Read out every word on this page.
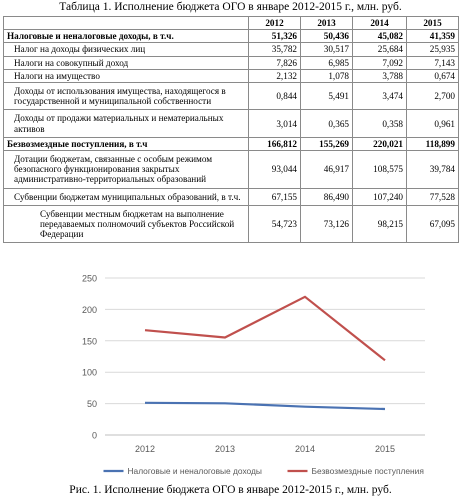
Таблица 1. Исполнение бюджета ОГО в январе 2012-2015 г., млн. руб.
	2012	2013	2014	2015
Налоговые и неналоговые доходы, в т.ч.	51,326	50,436	45,082	41,359
Налог на доходы физических лиц	35,782	30,517	25,684	25,935
Налоги на совокупный доход	7,826	6,985	7,092	7,143
Налоги на имущество	2,132	1,078	3,788	0,674
Доходы от использования имущества, находящегося в государственной и муниципальной собственности	0,844	5,491	3,474	2,700
Доходы от продажи материальных и нематериальных активов	3,014	0,365	0,358	0,961
Безвозмездные поступления, в т.ч	166,812	155,269	220,021	118,899
Дотации бюджетам, связанные с особым режимом безопасного функционирования закрытых административно-территориальных образований	93,044	46,917	108,575	39,784
Субвенции бюджетам муниципальных образований, в т.ч.	67,155	86,490	107,240	77,528
Субвенции местным бюджетам на выполнение передаваемых полномочий субъектов Российской Федерации	54,723	73,126	98,215	67,095
0
50
100
150
200
250
2012	2013	2014	2015
Налоговые и неналоговые доходы	Безвозмездные поступления
Рис. 1. Исполнение бюджета ОГО в январе 2012-2015 г., млн. руб.
